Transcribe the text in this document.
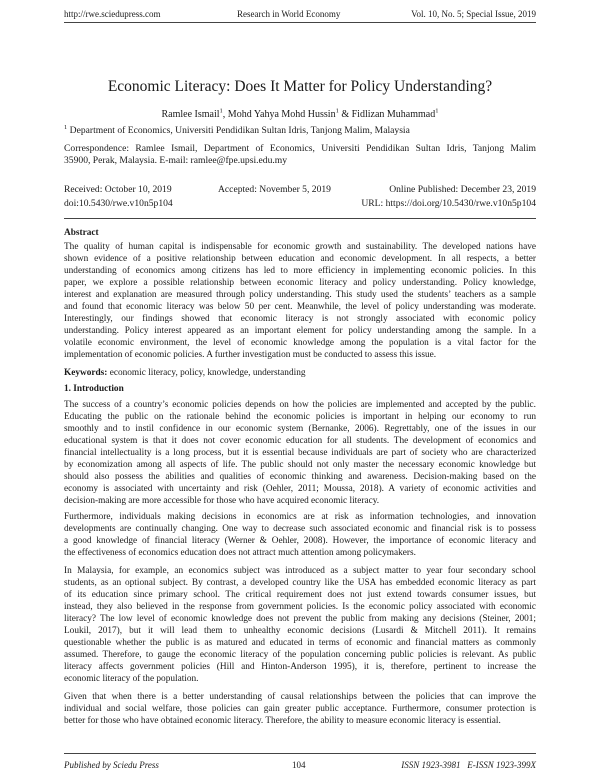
http://rwe.sciedupress.com	Research in World Economy	Vol. 10, No. 5; Special Issue, 2019
Economic Literacy: Does It Matter for Policy Understanding?
Ramlee Ismail$^1$, Mohd Yahya Mohd Hussin$^1$ & Fidlizan Muhammad$^1$
$^1$ Department of Economics, Universiti Pendidikan Sultan Idris, Tanjong Malim, Malaysia
Correspondence: Ramlee Ismail, Department of Economics, Universiti Pendidikan Sultan Idris, Tanjong Malim
35900, Perak, Malaysia. E-mail: ramlee@fpe.upsi.edu.my
Received: October 10, 2019	Accepted: November 5, 2019	Online Published: December 23, 2019
doi:10.5430/rwe.v10n5p104	URL: https://doi.org/10.5430/rwe.v10n5p104
Abstract
The quality of human capital is indispensable for economic growth and sustainability. The developed nations have
shown evidence of a positive relationship between education and economic development. In all respects, a better
understanding of economics among citizens has led to more efficiency in implementing economic policies. In this
paper, we explore a possible relationship between economic literacy and policy understanding. Policy knowledge,
interest and explanation are measured through policy understanding. This study used the students’ teachers as a sample
and found that economic literacy was below 50 per cent. Meanwhile, the level of policy understanding was moderate.
Interestingly, our findings showed that economic literacy is not strongly associated with economic policy
understanding. Policy interest appeared as an important element for policy understanding among the sample. In a
volatile economic environment, the level of economic knowledge among the population is a vital factor for the
implementation of economic policies. A further investigation must be conducted to assess this issue.
Keywords: economic literacy, policy, knowledge, understanding
1. Introduction
The success of a country’s economic policies depends on how the policies are implemented and accepted by the public.
Educating the public on the rationale behind the economic policies is important in helping our economy to run
smoothly and to instil confidence in our economic system (Bernanke, 2006). Regrettably, one of the issues in our
educational system is that it does not cover economic education for all students. The development of economics and
financial intellectuality is a long process, but it is essential because individuals are part of society who are characterized
by economization among all aspects of life. The public should not only master the necessary economic knowledge but
should also possess the abilities and qualities of economic thinking and awareness. Decision-making based on the
economy is associated with uncertainty and risk (Oehler, 2011; Moussa, 2018). A variety of economic activities and
decision-making are more accessible for those who have acquired economic literacy.
Furthermore, individuals making decisions in economics are at risk as information technologies, and innovation
developments are continually changing. One way to decrease such associated economic and financial risk is to possess
a good knowledge of financial literacy (Werner & Oehler, 2008). However, the importance of economic literacy and
the effectiveness of economics education does not attract much attention among policymakers.
In Malaysia, for example, an economics subject was introduced as a subject matter to year four secondary school
students, as an optional subject. By contrast, a developed country like the USA has embedded economic literacy as part
of its education since primary school. The critical requirement does not just extend towards consumer issues, but
instead, they also believed in the response from government policies. Is the economic policy associated with economic
literacy? The low level of economic knowledge does not prevent the public from making any decisions (Steiner, 2001;
Loukil, 2017), but it will lead them to unhealthy economic decisions (Lusardi & Mitchell 2011). It remains
questionable whether the public is as matured and educated in terms of economic and financial matters as commonly
assumed. Therefore, to gauge the economic literacy of the population concerning public policies is relevant. As public
literacy affects government policies (Hill and Hinton-Anderson 1995), it is, therefore, pertinent to increase the
economic literacy of the population.
Given that when there is a better understanding of causal relationships between the policies that can improve the
individual and social welfare, those policies can gain greater public acceptance. Furthermore, consumer protection is
better for those who have obtained economic literacy. Therefore, the ability to measure economic literacy is essential.
Published by Sciedu Press	104	ISSN 1923-3981   E-ISSN 1923-399X
